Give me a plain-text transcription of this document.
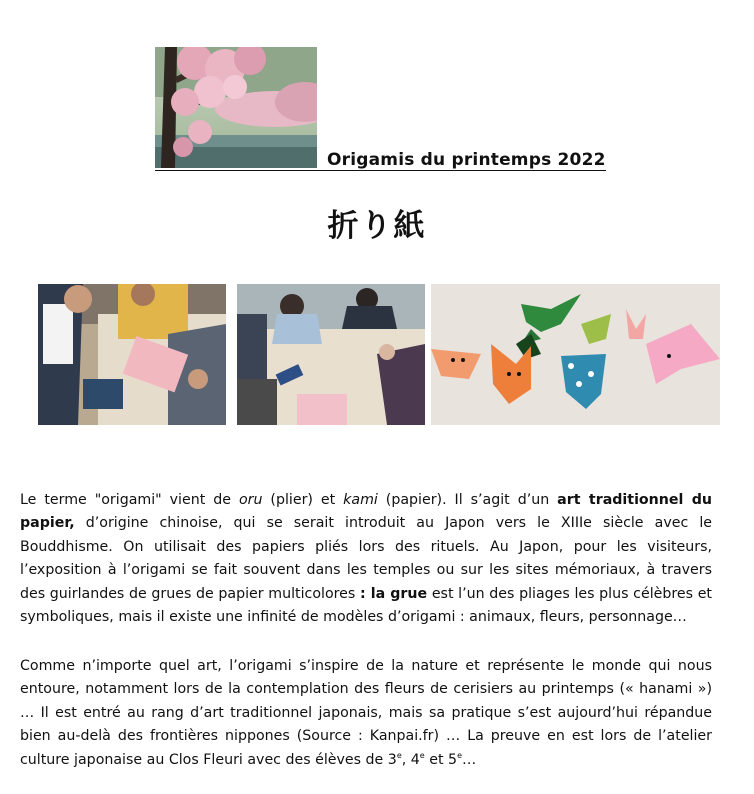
Origamis du printemps 2022
折り紙
Le terme "origami" vient de oru (plier) et kami (papier). Il s’agit d’un art traditionnel du papier, d’origine chinoise, qui se serait introduit au Japon vers le XIIIe siècle avec le Bouddhisme. On utilisait des papiers pliés lors des rituels. Au Japon, pour les visiteurs, l’exposition à l’origami se fait souvent dans les temples ou sur les sites mémoriaux, à travers des guirlandes de grues de papier multicolores : la grue est l’un des pliages les plus célèbres et symboliques, mais il existe une infinité de modèles d’origami : animaux, fleurs, personnage…
Comme n’importe quel art, l’origami s’inspire de la nature et représente le monde qui nous entoure, notamment lors de la contemplation des fleurs de cerisiers au printemps (« hanami ») … Il est entré au rang d’art traditionnel japonais, mais sa pratique s’est aujourd’hui répandue bien au-delà des frontières nippones (Source : Kanpai.fr) … La preuve en est lors de l’atelier culture japonaise au Clos Fleuri avec des élèves de 3e, 4e et 5e…
